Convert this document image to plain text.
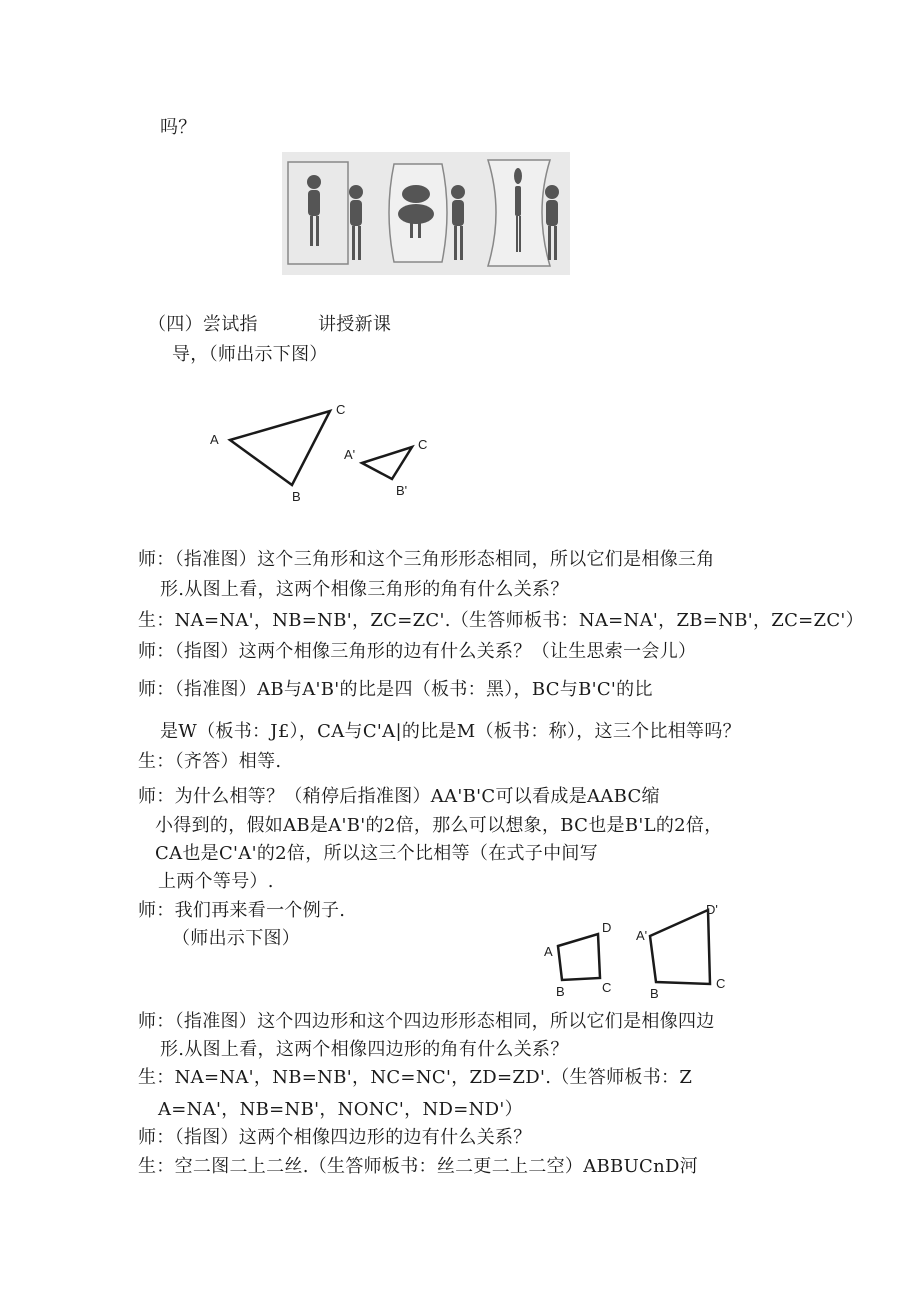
吗？
（四）尝试指	讲授新课
导，（师出示下图）
A
C
B
A'
C
B'
师：（指准图）这个三角形和这个三角形形态相同，所以它们是相像三角
形.从图上看，这两个相像三角形的角有什么关系？
生：NA=NA'，NB=NB'，ZC=ZC'.（生答师板书：NA=NA'，ZB=NB'，ZC=ZC'）
师：（指图）这两个相像三角形的边有什么关系？（让生思索一会儿）
师：（指准图）AB与A'B'的比是四（板书：黑），BC与B'C'的比
是W（板书：J£），CA与C'A|的比是M（板书：称），这三个比相等吗？
生：（齐答）相等.
师：为什么相等？（稍停后指准图）AA'B'C可以看成是AABC缩
小得到的，假如AB是A'B'的2倍，那么可以想象，BC也是B'L的2倍，
CA也是C'A'的2倍，所以这三个比相等（在式子中间写
上两个等号）.
师：我们再来看一个例子.
（师出示下图）
A
D
B	C
A'
D'
B
C
师：（指准图）这个四边形和这个四边形形态相同，所以它们是相像四边
形.从图上看，这两个相像四边形的角有什么关系？
生：NA=NA'，NB=NB'，NC=NC'，ZD=ZD'.（生答师板书：Z
A=NA'，NB=NB'，NONC'，ND=ND'）
师：（指图）这两个相像四边形的边有什么关系？
生：空二图二上二丝.（生答师板书：丝二更二上二空）ABBUCnD河
